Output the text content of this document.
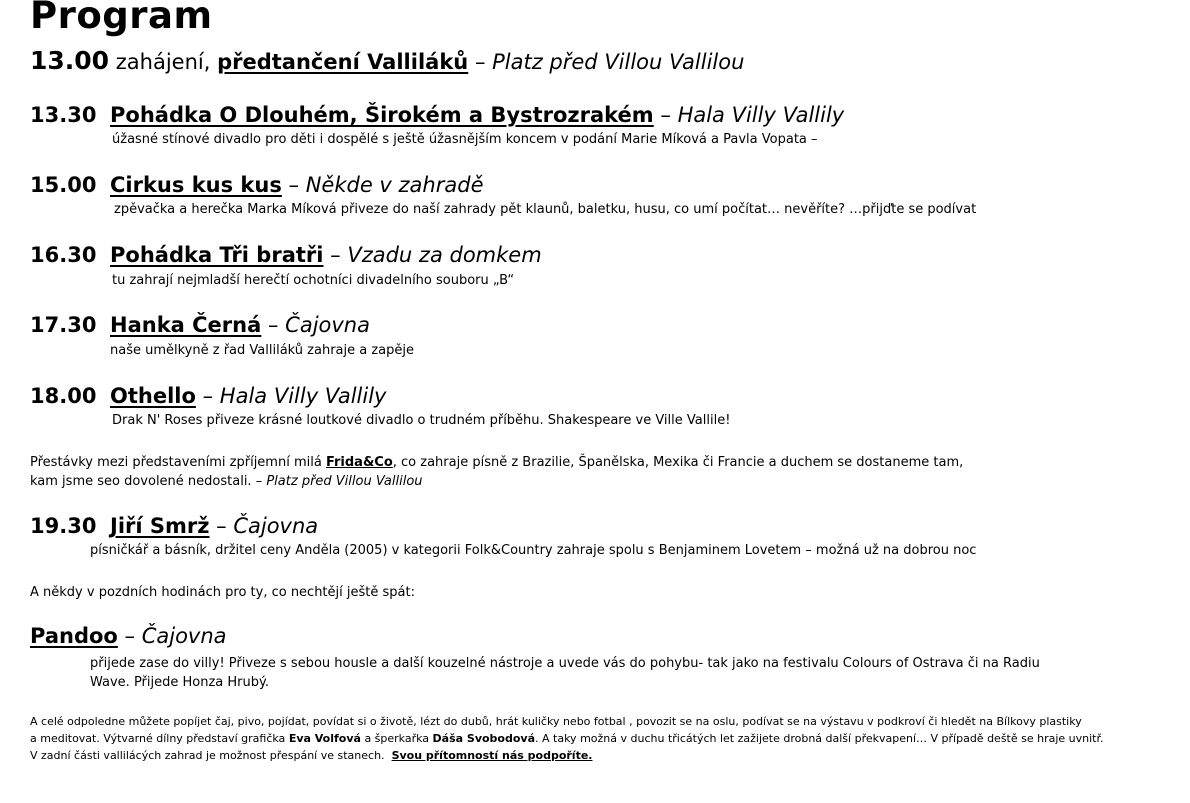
Program
13.00 zahájení, předtančení Valliláků – Platz před Villou Vallilou
13.30 Pohádka O Dlouhém, Širokém a Bystrozrakém – Hala Villy Vallily
úžasné stínové divadlo pro děti i dospělé s ještě úžasnějším koncem v podání Marie Míková a Pavla Vopata –
15.00 Cirkus kus kus – Někde v zahradě
zpěvačka a herečka Marka Míková přiveze do naší zahrady pět klaunů, baletku, husu, co umí počítat… nevěříte? …přijďte se podívat
16.30 Pohádka Tři bratři – Vzadu za domkem
tu zahrají nejmladší herečtí ochotníci divadelního souboru „B“
17.30 Hanka Černá – Čajovna
naše umělkyně z řad Valliláků zahraje a zapěje
18.00 Othello – Hala Villy Vallily
Drak N' Roses přiveze krásné loutkové divadlo o trudném příběhu. Shakespeare ve Ville Vallile!
Přestávky mezi představeními zpříjemní milá Frida&Co, co zahraje písně z Brazilie, Španělska, Mexika či Francie a duchem se dostaneme tam,
kam jsme seo dovolené nedostali. – Platz před Villou Vallilou
19.30 Jiří Smrž – Čajovna
písničkář a básník, držitel ceny Anděla (2005) v kategorii Folk&Country zahraje spolu s Benjaminem Lovetem – možná už na dobrou noc
A někdy v pozdních hodinách pro ty, co nechtějí ještě spát:
Pandoo – Čajovna
přijede zase do villy! Přiveze s sebou housle a další kouzelné nástroje a uvede vás do pohybu- tak jako na festivalu Colours of Ostrava či na Radiu
Wave. Přijede Honza Hrubý.
A celé odpoledne můžete popíjet čaj, pivo, pojídat, povídat si o životě, lézt do dubů, hrát kuličky nebo fotbal , povozit se na oslu, podívat se na výstavu v podkroví či hledět na Bílkovy plastiky
a meditovat. Výtvarné dílny představí grafička Eva Volfová a šperkařka Dáša Svobodová. A taky možná v duchu třicátých let zažijete drobná další překvapení… V případě deště se hraje uvnitř.
V zadní části vallilácých zahrad je možnost přespání ve stanech. Svou přítomností nás podpoříte.
